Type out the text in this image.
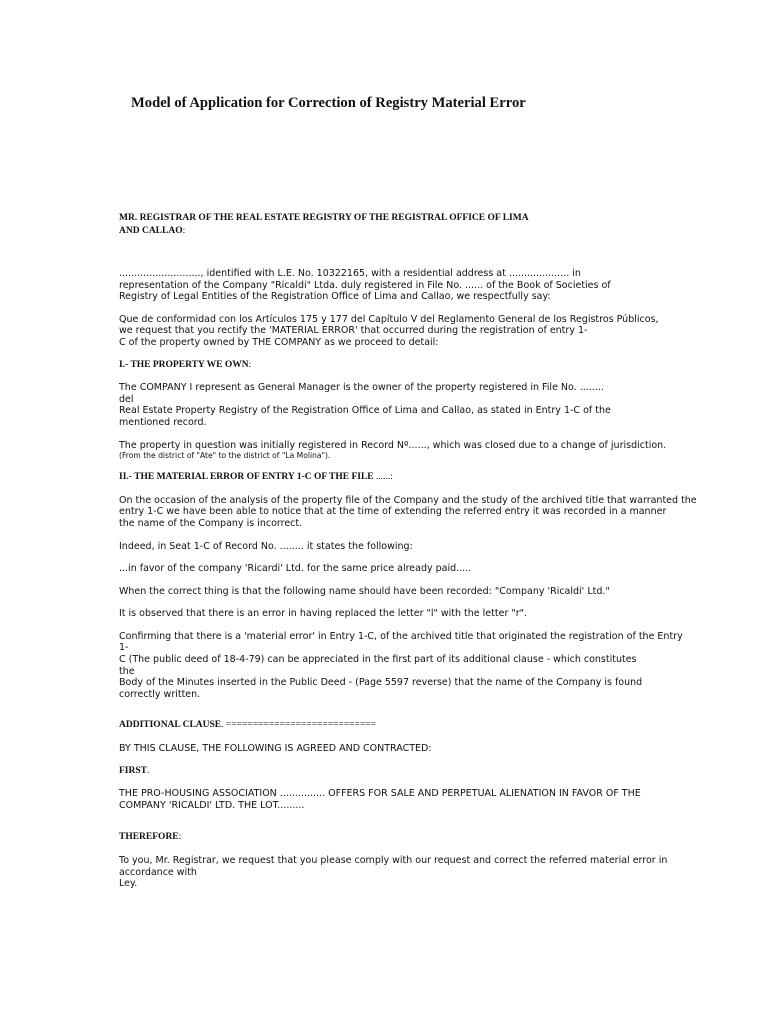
Model of Application for Correction of Registry Material Error

MR. REGISTRAR OF THE REAL ESTATE REGISTRY OF THE REGISTRAL OFFICE OF LIMA
AND CALLAO:

..........................., identified with L.E. No. 10322165, with a residential address at .................... in
representation of the Company "Ricaldi" Ltda. duly registered in File No. ...... of the Book of Societies of
Registry of Legal Entities of the Registration Office of Lima and Callao, we respectfully say:

Que de conformidad con los Artículos 175 y 177 del Capítulo V del Reglamento General de los Registros Públicos,
we request that you rectify the 'MATERIAL ERROR' that occurred during the registration of entry 1-
C of the property owned by THE COMPANY as we proceed to detail:

I.- THE PROPERTY WE OWN:

The COMPANY I represent as General Manager is the owner of the property registered in File No. ........
del
Real Estate Property Registry of the Registration Office of Lima and Callao, as stated in Entry 1-C of the
mentioned record.

The property in question was initially registered in Record Nº......, which was closed due to a change of jurisdiction.

(From the district of "Ate" to the district of "La Molina").

II.- THE MATERIAL ERROR OF ENTRY 1-C OF THE FILE ......:

On the occasion of the analysis of the property file of the Company and the study of the archived title that warranted the
entry 1-C we have been able to notice that at the time of extending the referred entry it was recorded in a manner
the name of the Company is incorrect.

Indeed, in Seat 1-C of Record No. ........ it states the following:

...in favor of the company 'Ricardi' Ltd. for the same price already paid.....

When the correct thing is that the following name should have been recorded: "Company 'Ricaldi' Ltd."

It is observed that there is an error in having replaced the letter "l" with the letter "r".

Confirming that there is a 'material error' in Entry 1-C, of the archived title that originated the registration of the Entry
1-
C (The public deed of 18-4-79) can be appreciated in the first part of its additional clause - which constitutes
the
Body of the Minutes inserted in the Public Deed - (Page 5597 reverse) that the name of the Company is found
correctly written.

ADDITIONAL CLAUSE. ============================

BY THIS CLAUSE, THE FOLLOWING IS AGREED AND CONTRACTED:

FIRST.

THE PRO-HOUSING ASSOCIATION ............... OFFERS FOR SALE AND PERPETUAL ALIENATION IN FAVOR OF THE
COMPANY 'RICALDI' LTD. THE LOT.........

THEREFORE:

To you, Mr. Registrar, we request that you please comply with our request and correct the referred material error in accordance with
Ley.
